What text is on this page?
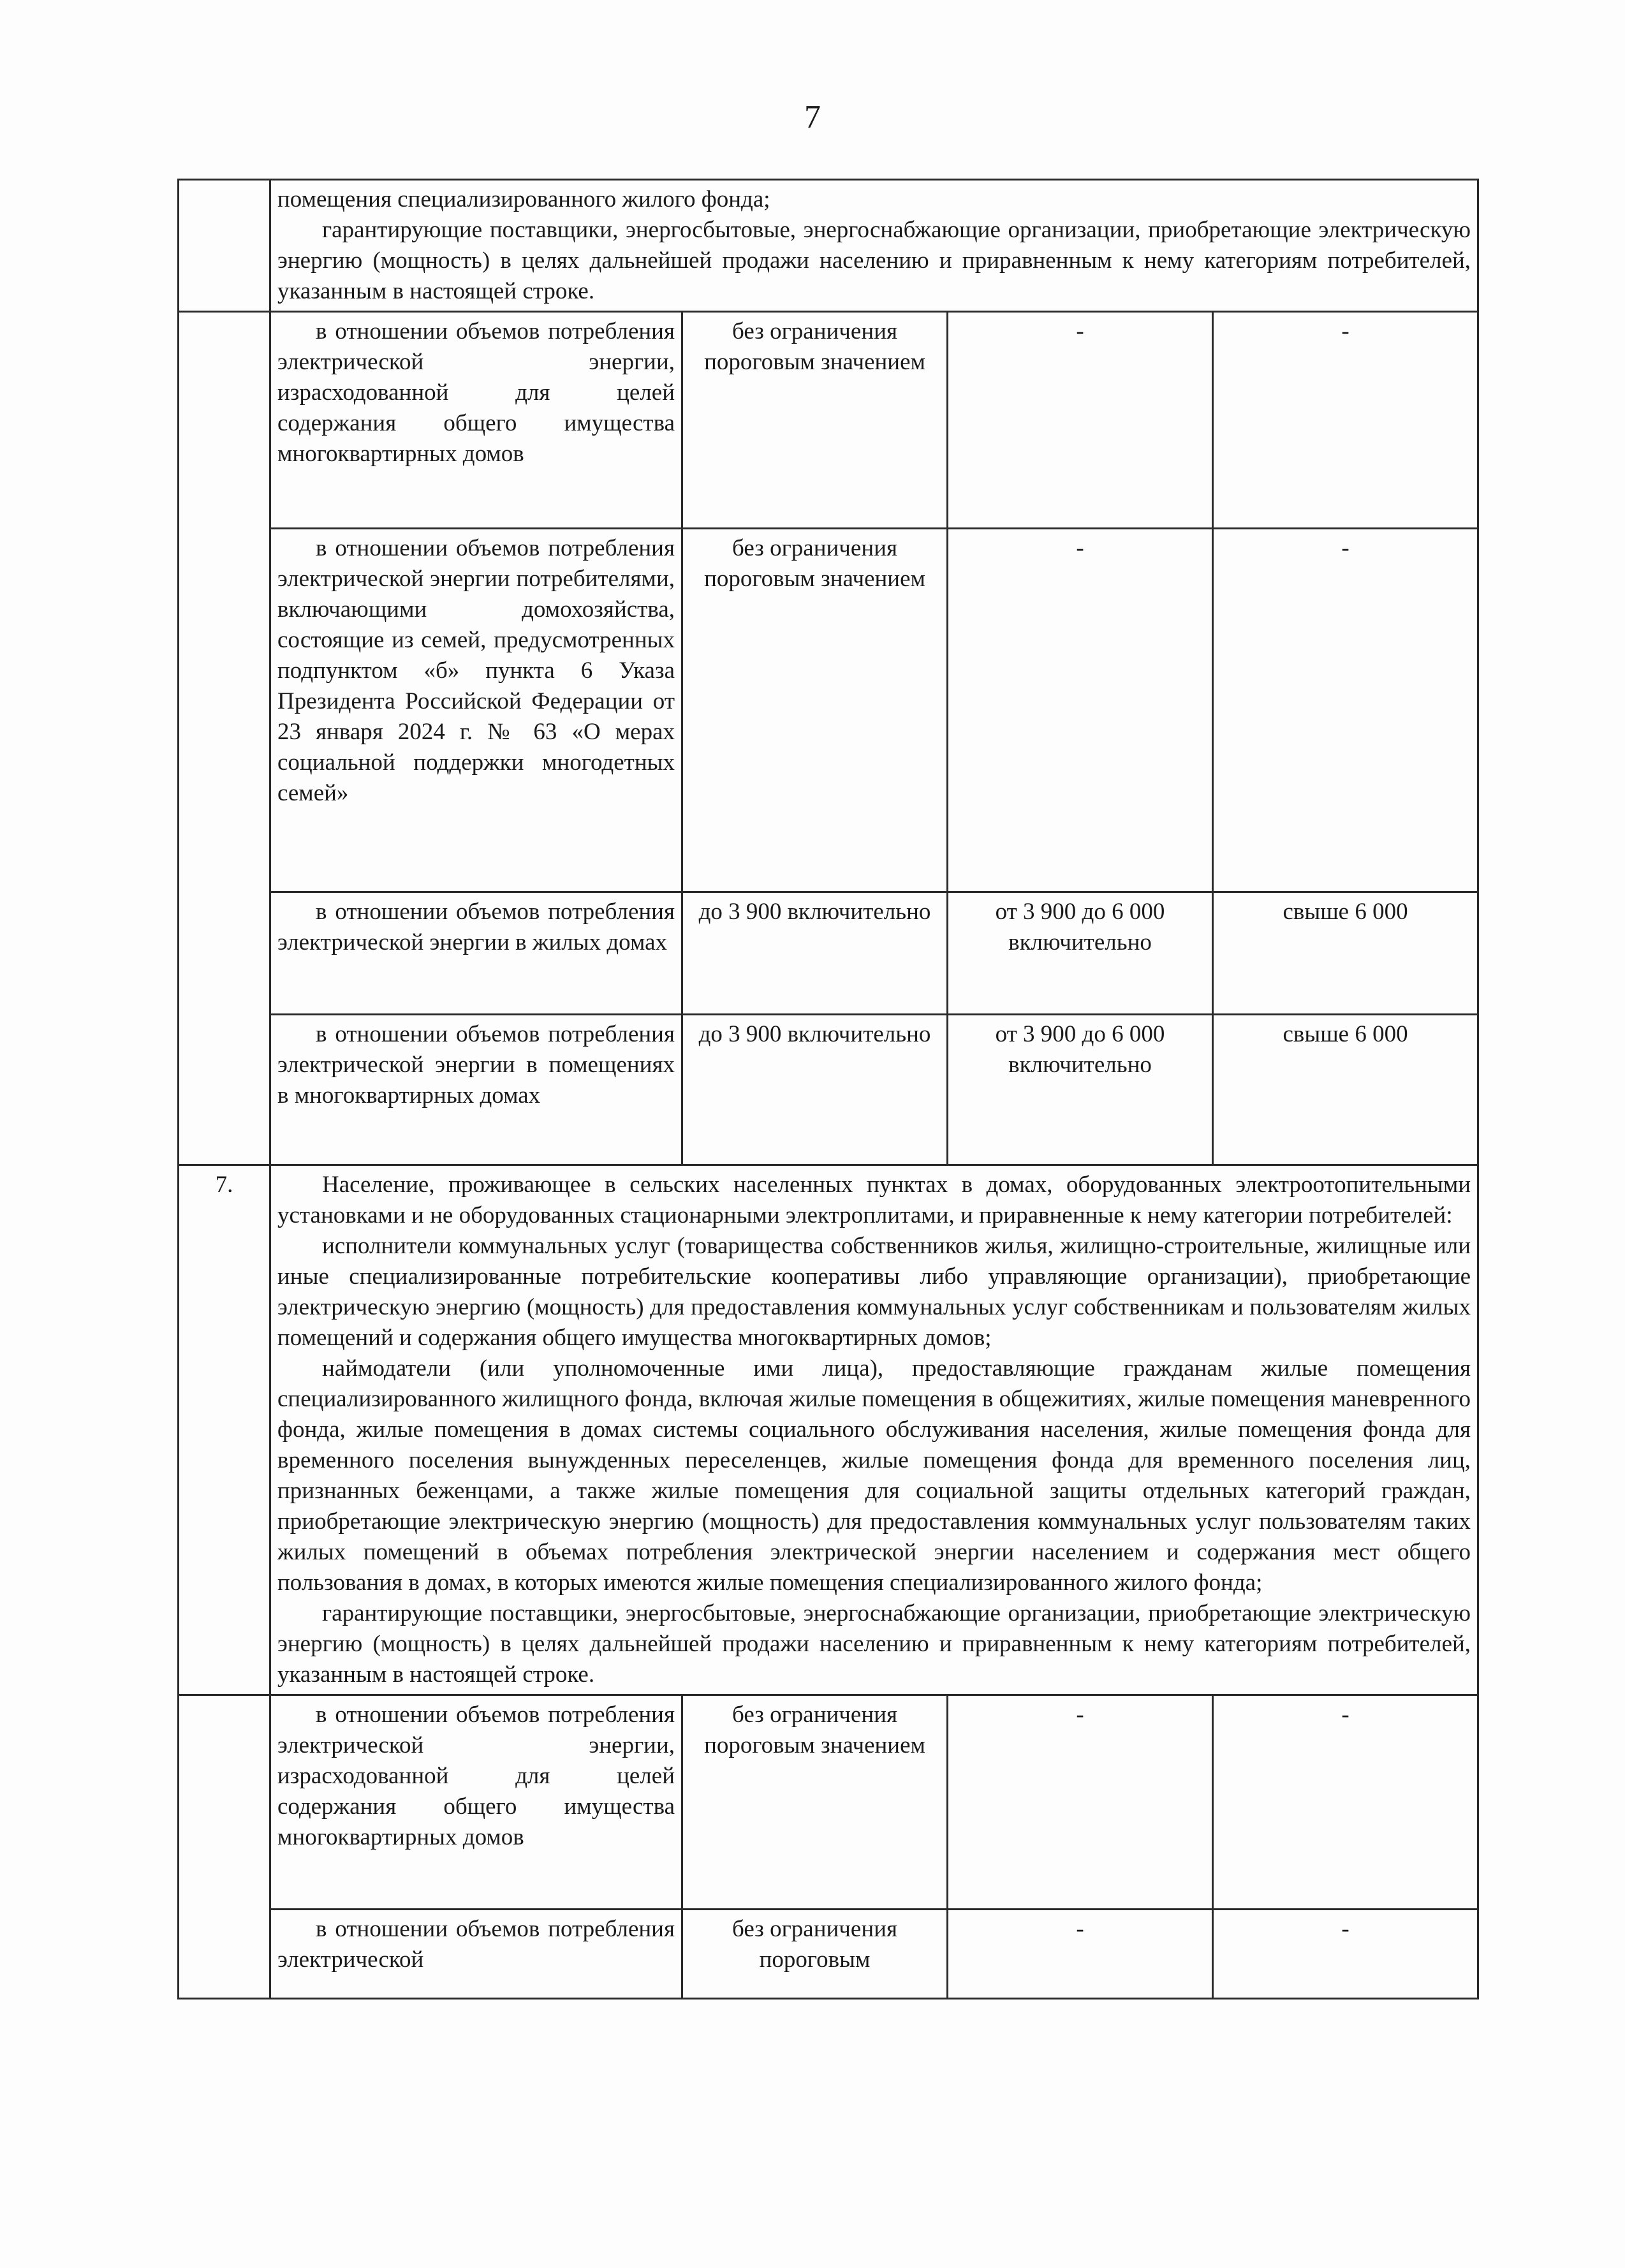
7

	помещения специализированного жилого фонда;

гарантирующие поставщики, энергосбытовые, энергоснабжающие организации, приобретающие электрическую энергию (мощность) в целях дальнейшей продажи населению и приравненным к нему категориям потребителей, указанным в настоящей строке.			

	в отношении объемов потребления электрической энергии, израсходованной для целей содержания общего имущества многоквартирных домов	без ограничения пороговым значением	-	-

	в отношении объемов потребления электрической энергии потребителями, включающими домохозяйства, состоящие из семей, предусмотренных подпунктом «б» пункта 6 Указа Президента Российской Федерации от 23 января 2024 г. № 63 «О мерах социальной поддержки многодетных семей»	без ограничения пороговым значением	-	-

	в отношении объемов потребления электрической энергии в жилых домах	до 3 900 включительно	от 3 900 до 6 000 включительно	свыше 6 000

	в отношении объемов потребления электрической энергии в помещениях в многоквартирных домах	до 3 900 включительно	от 3 900 до 6 000 включительно	свыше 6 000
7.	Население, проживающее в сельских населенных пунктах в домах, оборудованных электроотопительными установками и не оборудованных стационарными электроплитами, и приравненные к нему категории потребителей:

исполнители коммунальных услуг (товарищества собственников жилья, жилищно-строительные, жилищные или иные специализированные потребительские кооперативы либо управляющие организации), приобретающие электрическую энергию (мощность) для предоставления коммунальных услуг собственникам и пользователям жилых помещений и содержания общего имущества многоквартирных домов;

наймодатели (или уполномоченные ими лица), предоставляющие гражданам жилые помещения специализированного жилищного фонда, включая жилые помещения в общежитиях, жилые помещения маневренного фонда, жилые помещения в домах системы социального обслуживания населения, жилые помещения фонда для временного поселения вынужденных переселенцев, жилые помещения фонда для временного поселения лиц, признанных беженцами, а также жилые помещения для социальной защиты отдельных категорий граждан, приобретающие электрическую энергию (мощность) для предоставления коммунальных услуг пользователям таких жилых помещений в объемах потребления электрической энергии населением и содержания мест общего пользования в домах, в которых имеются жилые помещения специализированного жилого фонда;

гарантирующие поставщики, энергосбытовые, энергоснабжающие организации, приобретающие электрическую энергию (мощность) в целях дальнейшей продажи населению и приравненным к нему категориям потребителей, указанным в настоящей строке.			

	в отношении объемов потребления электрической энергии, израсходованной для целей содержания общего имущества многоквартирных домов	без ограничения пороговым значением	-	-

	в отношении объемов потребления электрической	без ограничения пороговым	-	-
